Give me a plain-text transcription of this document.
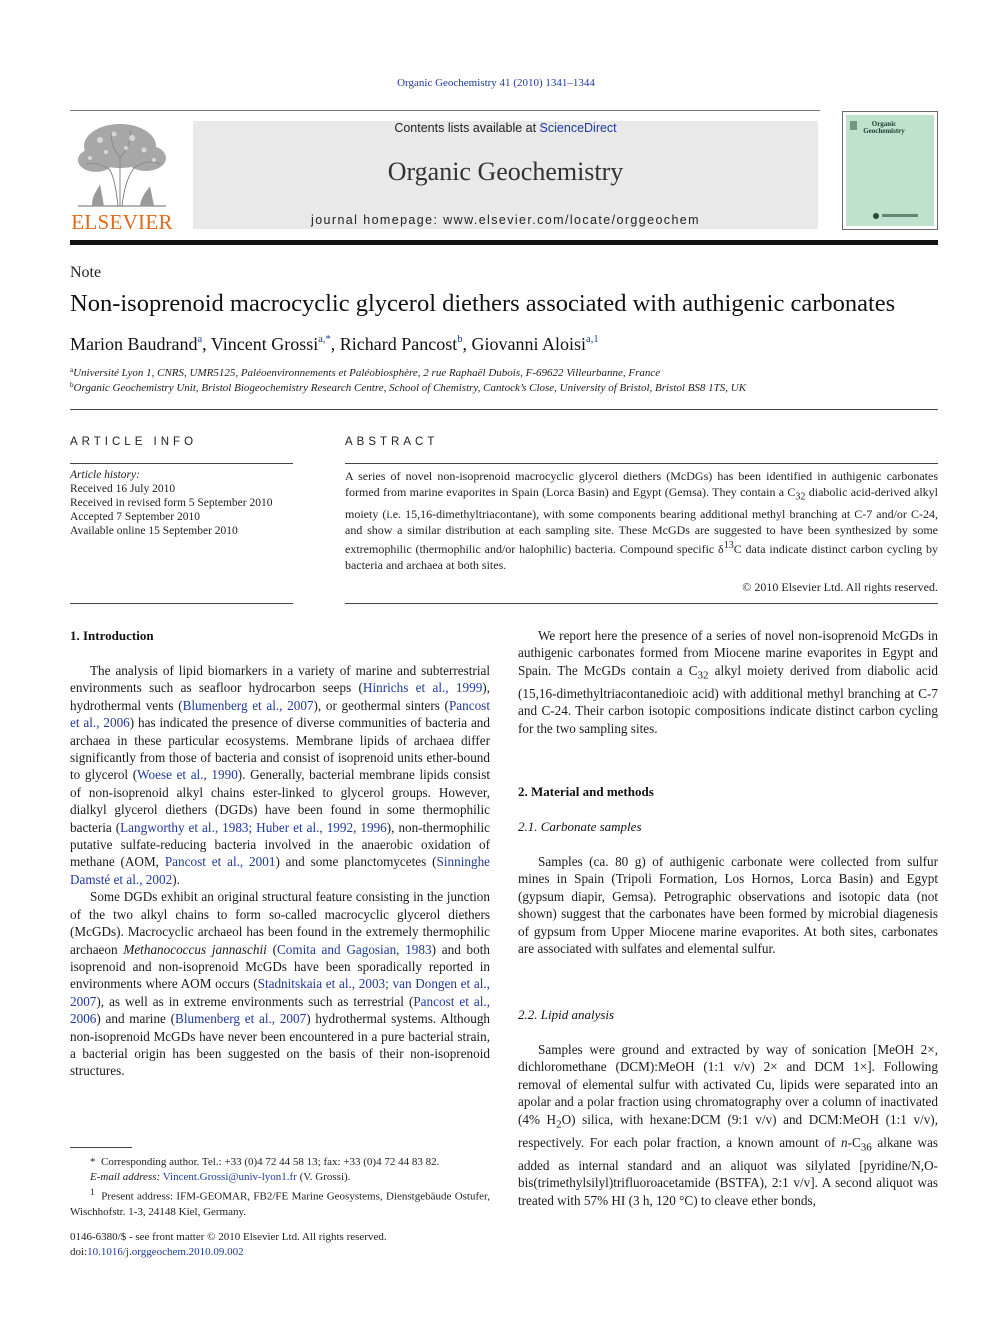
Organic Geochemistry 41 (2010) 1341–1344
ELSEVIER
Contents lists available at ScienceDirect
Organic Geochemistry
journal homepage: www.elsevier.com/locate/orggeochem
Organic Geochemistry
Note
Non-isoprenoid macrocyclic glycerol diethers associated with authigenic carbonates
Marion Baudrand$^a$, Vincent Grossi$^{a,*}$, Richard Pancost$^b$, Giovanni Aloisi$^{a,1}$
$^a$Université Lyon 1, CNRS, UMR5125, Paléoenvironnements et Paléobiosphère, 2 rue Raphaël Dubois, F-69622 Villeurbanne, France
$^b$Organic Geochemistry Unit, Bristol Biogeochemistry Research Centre, School of Chemistry, Cantock’s Close, University of Bristol, Bristol BS8 1TS, UK
ARTICLE INFO
Article history:
Received 16 July 2010
Received in revised form 5 September 2010
Accepted 7 September 2010
Available online 15 September 2010
ABSTRACT
A series of novel non-isoprenoid macrocyclic glycerol diethers (McDGs) has been identified in authigenic carbonates formed from marine evaporites in Spain (Lorca Basin) and Egypt (Gemsa). They contain a $C_{32}$ diabolic acid-derived alkyl moiety (i.e. 15,16-dimethyltriacontane), with some components bearing additional methyl branching at C-7 and/or C-24, and show a similar distribution at each sampling site. These McGDs are suggested to have been synthesized by some extremophilic (thermophilic and/or halophilic) bacteria. Compound specific $\delta^{13}C$ data indicate distinct carbon cycling by bacteria and archaea at both sites.
© 2010 Elsevier Ltd. All rights reserved.
1. Introduction

The analysis of lipid biomarkers in a variety of marine and subterrestrial environments such as seafloor hydrocarbon seeps (Hinrichs et al., 1999), hydrothermal vents (Blumenberg et al., 2007), or geothermal sinters (Pancost et al., 2006) has indicated the presence of diverse communities of bacteria and archaea in these particular ecosystems. Membrane lipids of archaea differ significantly from those of bacteria and consist of isoprenoid units ether-bound to glycerol (Woese et al., 1990). Generally, bacterial membrane lipids consist of non-isoprenoid alkyl chains ester-linked to glycerol groups. However, dialkyl glycerol diethers (DGDs) have been found in some thermophilic bacteria (Langworthy et al., 1983; Huber et al., 1992, 1996), non-thermophilic putative sulfate-reducing bacteria involved in the anaerobic oxidation of methane (AOM, Pancost et al., 2001) and some planctomycetes (Sinninghe Damsté et al., 2002).

Some DGDs exhibit an original structural feature consisting in the junction of the two alkyl chains to form so-called macrocyclic glycerol diethers (McGDs). Macrocyclic archaeol has been found in the extremely thermophilic archaeon Methanococcus jannaschii (Comita and Gagosian, 1983) and both isoprenoid and non-isoprenoid McGDs have been sporadically reported in environments where AOM occurs (Stadnitskaia et al., 2003; van Dongen et al., 2007), as well as in extreme environments such as terrestrial (Pancost et al., 2006) and marine (Blumenberg et al., 2007) hydrothermal systems. Although non-isoprenoid McGDs have never been encountered in a pure bacterial strain, a bacterial origin has been suggested on the basis of their non-isoprenoid structures.

We report here the presence of a series of novel non-isoprenoid McGDs in authigenic carbonates formed from Miocene marine evaporites in Egypt and Spain. The McGDs contain a $C_{32}$ alkyl moiety derived from diabolic acid (15,16-dimethyltriacontanedioic acid) with additional methyl branching at C-7 and C-24. Their carbon isotopic compositions indicate distinct carbon cycling for the two sampling sites.

2. Material and methods
2.1. Carbonate samples

Samples (ca. 80 g) of authigenic carbonate were collected from sulfur mines in Spain (Tripoli Formation, Los Hornos, Lorca Basin) and Egypt (gypsum diapir, Gemsa). Petrographic observations and isotopic data (not shown) suggest that the carbonates have been formed by microbial diagenesis of gypsum from Upper Miocene marine evaporites. At both sites, carbonates are associated with sulfates and elemental sulfur.

2.2. Lipid analysis

Samples were ground and extracted by way of sonication [MeOH 2×, dichloromethane (DCM):MeOH (1:1 v/v) 2× and DCM 1×]. Following removal of elemental sulfur with activated Cu, lipids were separated into an apolar and a polar fraction using chromatography over a column of inactivated (4% $H_2O$) silica, with hexane:DCM (9:1 v/v) and DCM:MeOH (1:1 v/v), respectively. For each polar fraction, a known amount of $n-C_{36}$ alkane was added as internal standard and an aliquot was silylated [pyridine/N,O-bis(trimethylsilyl)trifluoroacetamide (BSTFA), 2:1 v/v]. A second aliquot was treated with 57% HI (3 h, 120 °C) to cleave ether bonds,

* Corresponding author. Tel.: +33 (0)4 72 44 58 13; fax: +33 (0)4 72 44 83 82.
E-mail address: Vincent.Grossi@univ-lyon1.fr (V. Grossi).
$^1$ Present address: IFM-GEOMAR, FB2/FE Marine Geosystems, Dienstgebäude Ostufer, Wischhofstr. 1-3, 24148 Kiel, Germany.
0146-6380/$ - see front matter © 2010 Elsevier Ltd. All rights reserved.
doi:10.1016/j.orggeochem.2010.09.002
